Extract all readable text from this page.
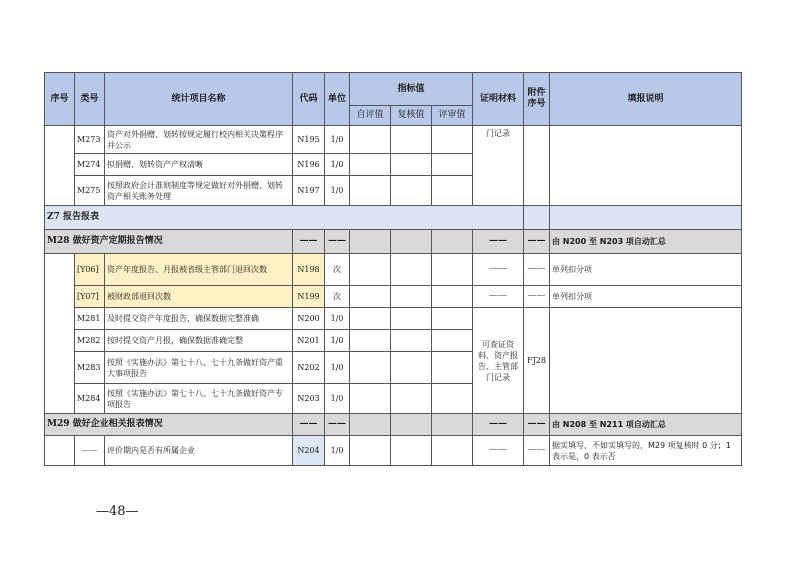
序号	类号	统计项目名称	代码	单位	指标值			证明材料	附件序号	填报说明
					自评值	复核值	评审值			
	M273	资产对外捐赠、划转按规定履行校内相关决策程序并公示	N195	1/0				门记录		
	M274	拟捐赠、划转资产产权清晰	N196	1/0						
	M275	按照政府会计准则制度等规定做好对外捐赠、划转资产相关账务处理	N197	1/0						
Z7 报告报表										
M28 做好资产定期报告情况			——	——				——	——	由 N200 至 N203 项自动汇总
	[Y06]	资产年度报告、月报被省级主管部门退回次数	N198	次				——	——	单列扣分项
	[Y07]	被财政部退回次数	N199	次				——	——	单列扣分项
	M281	及时提交资产年度报告，确保数据完整准确	N200	1/0				可查证资料、资产报告、主管部门记录	FJ28	
	M282	按时提交资产月报，确保数据准确完整	N201	1/0						
	M283	按照《实施办法》第七十八、七十九条做好资产重大事项报告	N202	1/0						
	M284	按照《实施办法》第七十八、七十九条做好资产专项报告	N203	1/0						
M29 做好企业相关报表情况			——	——				——	——	由 N208 至 N211 项自动汇总
	——	评价期内是否有所属企业	N204	1/0				——	——	据实填写，不如实填写的，M29 项复核时 0 分；1 表示是，0 表示否
—48—
